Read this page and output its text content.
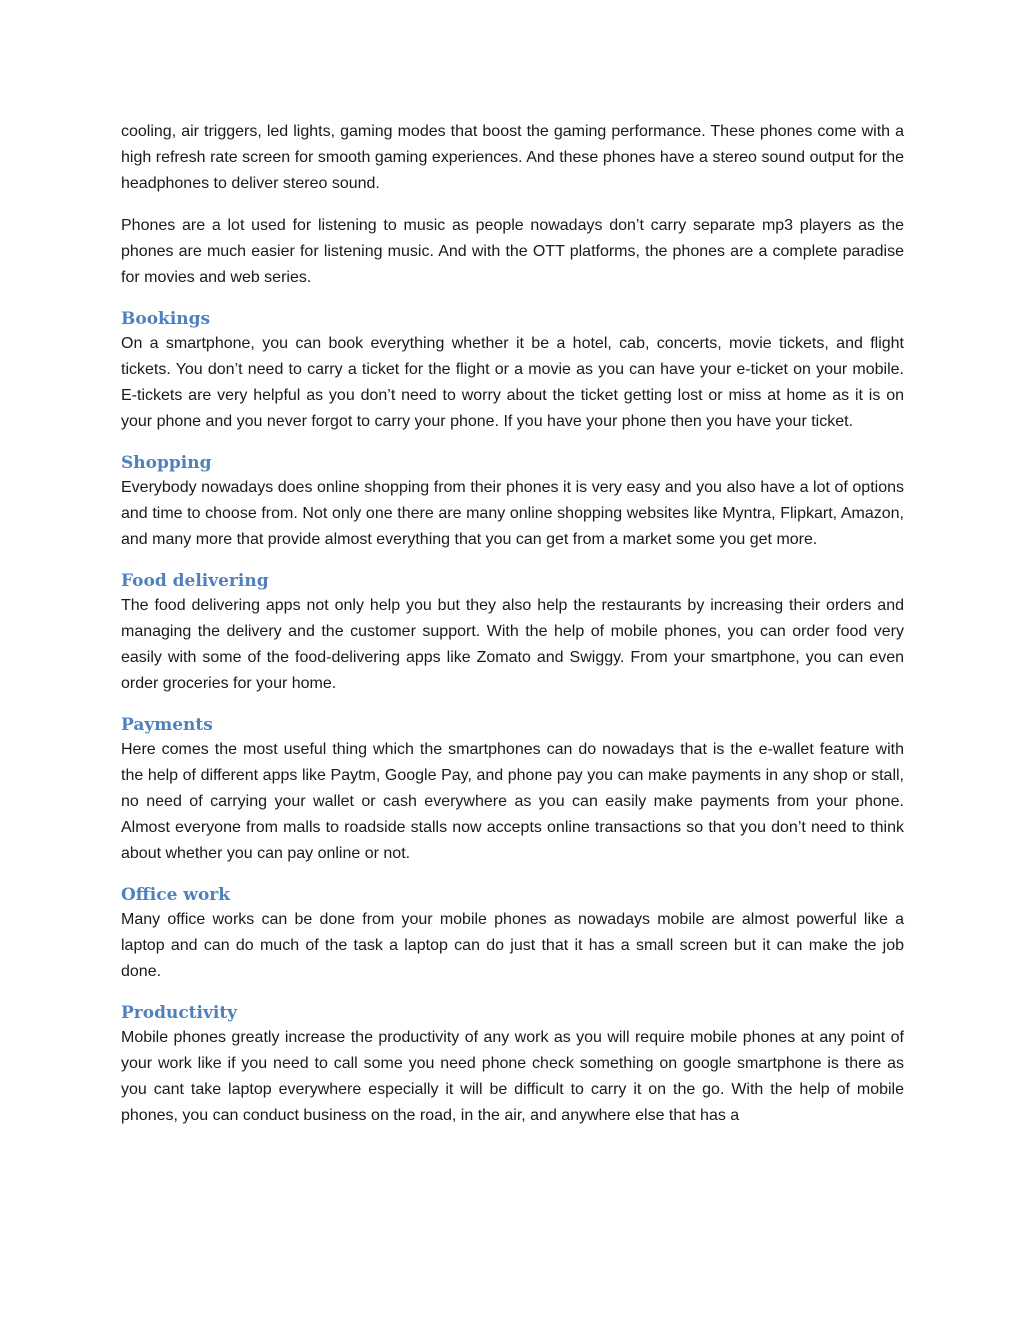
cooling, air triggers, led lights, gaming modes that boost the gaming performance. These phones come with a high refresh rate screen for smooth gaming experiences. And these phones have a stereo sound output for the headphones to deliver stereo sound.

Phones are a lot used for listening to music as people nowadays don’t carry separate mp3 players as the phones are much easier for listening music. And with the OTT platforms, the phones are a complete paradise for movies and web series.

Bookings

On a smartphone, you can book everything whether it be a hotel, cab, concerts, movie tickets, and flight tickets. You don’t need to carry a ticket for the flight or a movie as you can have your e-ticket on your mobile. E-tickets are very helpful as you don’t need to worry about the ticket getting lost or miss at home as it is on your phone and you never forgot to carry your phone. If you have your phone then you have your ticket.

Shopping

Everybody nowadays does online shopping from their phones it is very easy and you also have a lot of options and time to choose from. Not only one there are many online shopping websites like Myntra, Flipkart, Amazon, and many more that provide almost everything that you can get from a market some you get more.

Food delivering

The food delivering apps not only help you but they also help the restaurants by increasing their orders and managing the delivery and the customer support. With the help of mobile phones, you can order food very easily with some of the food-delivering apps like Zomato and Swiggy. From your smartphone, you can even order groceries for your home.

Payments

Here comes the most useful thing which the smartphones can do nowadays that is the e-wallet feature with the help of different apps like Paytm, Google Pay, and phone pay you can make payments in any shop or stall, no need of carrying your wallet or cash everywhere as you can easily make payments from your phone. Almost everyone from malls to roadside stalls now accepts online transactions so that you don’t need to think about whether you can pay online or not.

Office work

Many office works can be done from your mobile phones as nowadays mobile are almost powerful like a laptop and can do much of the task a laptop can do just that it has a small screen but it can make the job done.

Productivity

Mobile phones greatly increase the productivity of any work as you will require mobile phones at any point of your work like if you need to call some you need phone check something on google smartphone is there as you cant take laptop everywhere especially it will be difficult to carry it on the go. With the help of mobile phones, you can conduct business on the road, in the air, and anywhere else that has a
